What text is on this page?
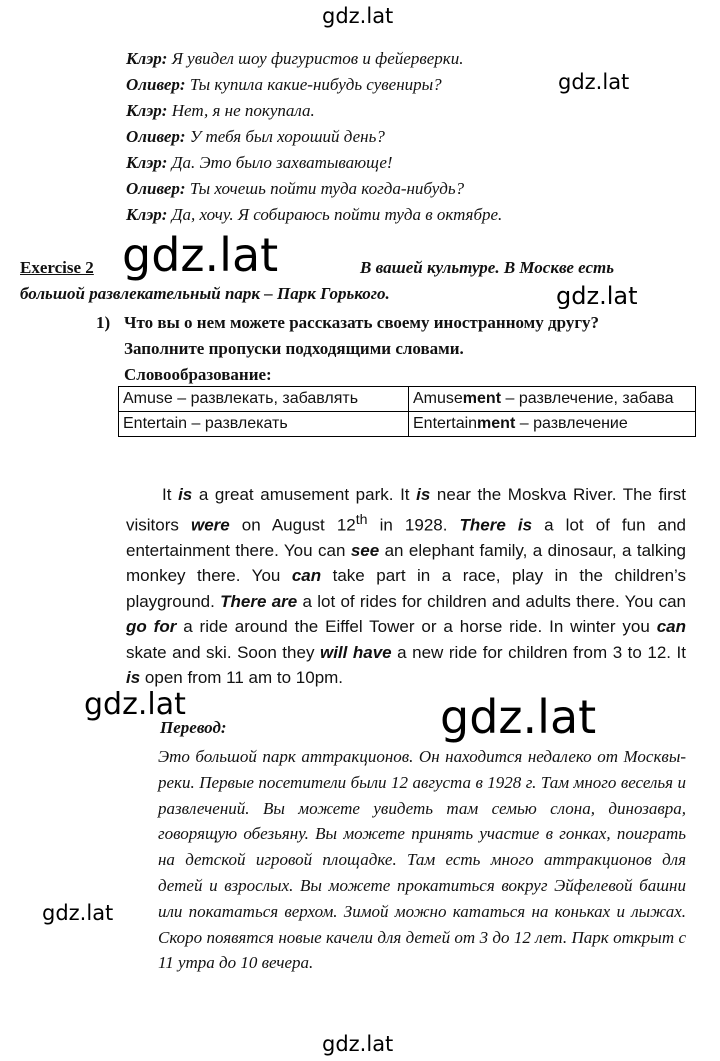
gdz.lat
gdz.lat
gdz.lat
gdz.lat
gdz.lat	gdz.lat
gdz.lat
gdz.lat
Клэр: Я увидел шоу фигуристов и фейерверки.
Оливер: Ты купила какие-нибудь сувениры?
Клэр: Нет, я не покупала.
Оливер: У тебя был хороший день?
Клэр: Да. Это было захватывающе!
Оливер: Ты хочешь пойти туда когда-нибудь?
Клэр: Да, хочу. Я собираюсь пойти туда в октябре.
Exercise 2	В вашей культуре. В Москве есть
большой развлекательный парк – Парк Горького.
1) Что вы о нем можете рассказать своему иностранному другу?
Заполните пропуски подходящими словами.
Словообразование:
Amuse – развлекать, забавлять	Amusement – развлечение, забава
Entertain – развлекать	Entertainment – развлечение
It is a great amusement park. It is near the Moskva River. The first visitors were on August 12th in 1928. There is a lot of fun and entertainment there. You can see an elephant family, a dinosaur, a talking monkey there. You can take part in a race, play in the children’s playground. There are a lot of rides for children and adults there. You can go for a ride around the Eiffel Tower or a horse ride. In winter you can skate and ski. Soon they will have a new ride for children from 3 to 12. It is open from 11 am to 10pm.
Перевод:
Это большой парк аттракционов. Он находится недалеко от Москвы-реки. Первые посетители были 12 августа в 1928 г. Там много веселья и развлечений. Вы можете увидеть там семью слона, динозавра, говорящую обезьяну. Вы можете принять участие в гонках, поиграть на детской игровой площадке. Там есть много аттракционов для детей и взрослых. Вы можете прокатиться вокруг Эйфелевой башни или покататься верхом. Зимой можно кататься на коньках и лыжах. Скоро появятся новые качели для детей от 3 до 12 лет. Парк открыт с 11 утра до 10 вечера.
